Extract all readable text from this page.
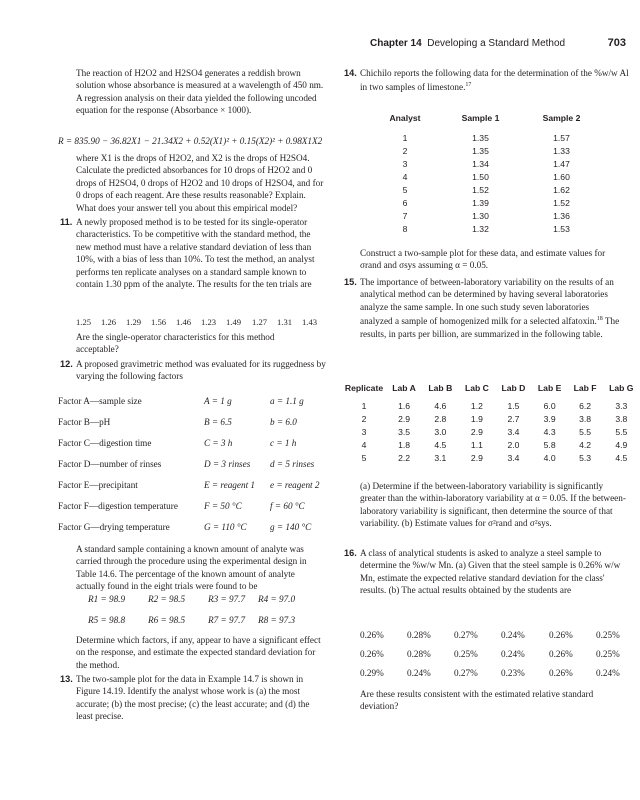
Chapter 14 Developing a Standard Method	703

The reaction of H2O2 and H2SO4 generates a reddish brown solution whose absorbance is measured at a wavelength of 450 nm. A regression analysis on their data yielded the following uncoded equation for the response (Absorbance × 1000).

R = 835.90 − 36.82X1 − 21.34X2 + 0.52(X1)² + 0.15(X2)² + 0.98X1X2

where X1 is the drops of H2O2, and X2 is the drops of H2SO4. Calculate the predicted absorbances for 10 drops of H2O2 and 0 drops of H2SO4, 0 drops of H2O2 and 10 drops of H2SO4, and for 0 drops of each reagent. Are these results reasonable? Explain. What does your answer tell you about this empirical model?

11. A newly proposed method is to be tested for its single-operator characteristics. To be competitive with the standard method, the new method must have a relative standard deviation of less than 10%, with a bias of less than 10%. To test the method, an analyst performs ten replicate analyses on a standard sample known to contain 1.30 ppm of the analyte. The results for the ten trials are

1.25 1.26 1.29 1.56 1.46 1.23 1.49 1.27 1.31 1.43

Are the single-operator characteristics for this method acceptable?

12. A proposed gravimetric method was evaluated for its ruggedness by varying the following factors

Factor A—sample size	A = 1 g	a = 1.1 g
Factor B—pH	B = 6.5	b = 6.0
Factor C—digestion time	C = 3 h	c = 1 h
Factor D—number of rinses	D = 3 rinses d = 5 rinses
Factor E—precipitant	E = reagent 1 e = reagent 2
Factor F—digestion temperature	F = 50 °C	f = 60 °C
Factor G—drying temperature	G = 110 °C	g = 140 °C

A standard sample containing a known amount of analyte was carried through the procedure using the experimental design in Table 14.6. The percentage of the known amount of analyte actually found in the eight trials were found to be

R1 = 98.9 R2 = 98.5 R3 = 97.7 R4 = 97.0
R5 = 98.8 R6 = 98.5 R7 = 97.7 R8 = 97.3

Determine which factors, if any, appear to have a significant effect on the response, and estimate the expected standard deviation for the method.

13. The two-sample plot for the data in Example 14.7 is shown in Figure 14.19. Identify the analyst whose work is (a) the most accurate; (b) the most precise; (c) the least accurate; and (d) the least precise.

14. Chichilo reports the following data for the determination of the %w/w Al in two samples of limestone.$^{17}$

Analyst	Sample 1	Sample 2

1	1.35	1.57
2	1.35	1.33
3	1.34	1.47
4	1.50	1.60
5	1.52	1.62
6	1.39	1.52
7	1.30	1.36
8	1.32	1.53

Construct a two-sample plot for these data, and estimate values for σrand and σsys assuming α = 0.05.

15. The importance of between-laboratory variability on the results of an analytical method can be determined by having several laboratories analyze the same sample. In one such study seven laboratories analyzed a sample of homogenized milk for a selected alfatoxin.$^{18}$ The results, in parts per billion, are summarized in the following table.

Replicate	Lab A	Lab B	Lab C	Lab D	Lab E	Lab F	Lab G

1	1.6	4.6	1.2	1.5	6.0	6.2	3.3
2	2.9	2.8	1.9	2.7	3.9	3.8	3.8
3	3.5	3.0	2.9	3.4	4.3	5.5	5.5
4	1.8	4.5	1.1	2.0	5.8	4.2	4.9
5	2.2	3.1	2.9	3.4	4.0	5.3	4.5

(a) Determine if the between-laboratory variability is significantly greater than the within-laboratory variability at α = 0.05. If the between-laboratory variability is significant, then determine the source of that variability. (b) Estimate values for σ²rand and σ²sys.

16. A class of analytical students is asked to analyze a steel sample to determine the %w/w Mn. (a) Given that the steel sample is 0.26% w/w Mn, estimate the expected relative standard deviation for the class' results. (b) The actual results obtained by the students are

0.26%	0.28%	0.27%	0.24%	0.26%	0.25%
0.26%	0.28%	0.25%	0.24%	0.26%	0.25%
0.29%	0.24%	0.27%	0.23%	0.26%	0.24%

Are these results consistent with the estimated relative standard deviation?
